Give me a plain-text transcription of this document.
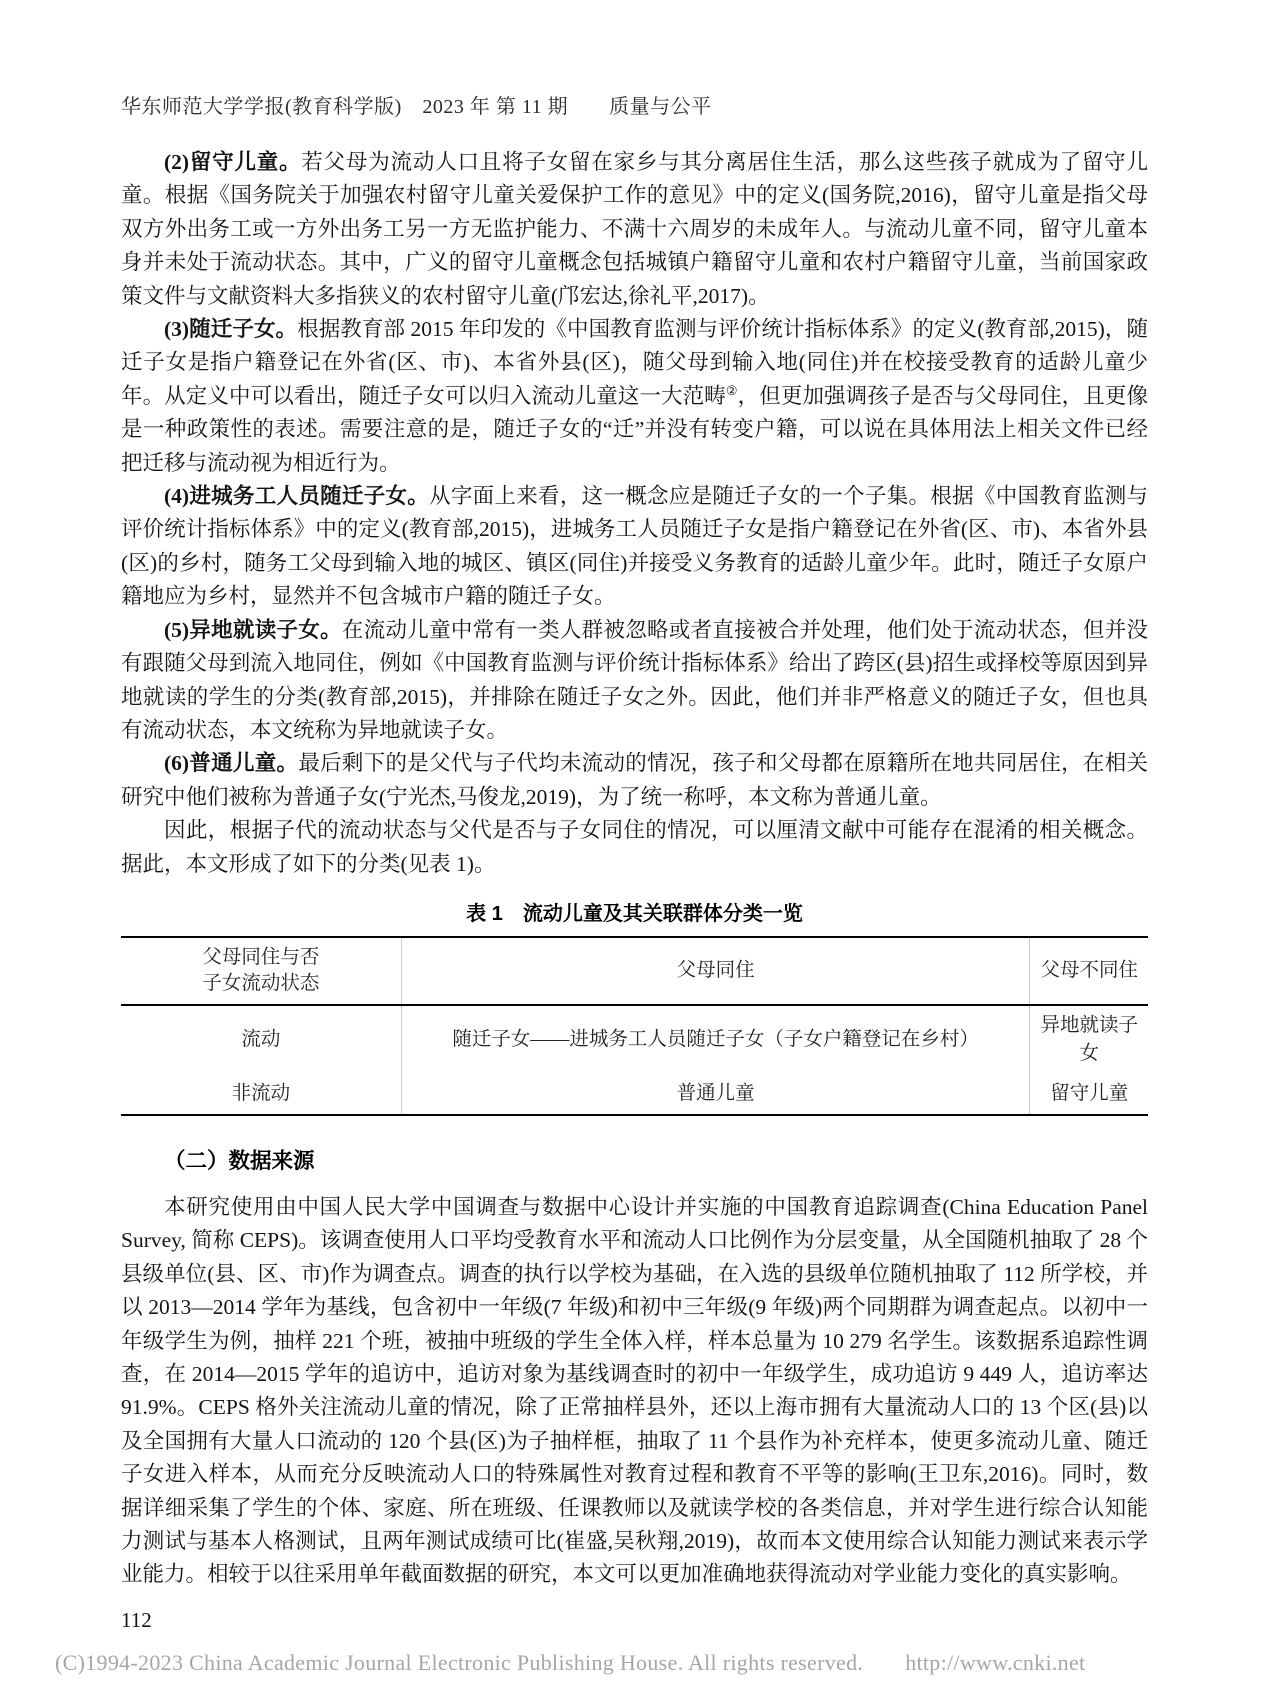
华东师范大学学报(教育科学版)　2023 年 第 11 期　　质量与公平

(2)留守儿童。若父母为流动人口且将子女留在家乡与其分离居住生活，那么这些孩子就成为了留守儿童。根据《国务院关于加强农村留守儿童关爱保护工作的意见》中的定义(国务院,2016)，留守儿童是指父母双方外出务工或一方外出务工另一方无监护能力、不满十六周岁的未成年人。与流动儿童不同，留守儿童本身并未处于流动状态。其中，广义的留守儿童概念包括城镇户籍留守儿童和农村户籍留守儿童，当前国家政策文件与文献资料大多指狭义的农村留守儿童(邝宏达,徐礼平,2017)。

(3)随迁子女。根据教育部 2015 年印发的《中国教育监测与评价统计指标体系》的定义(教育部,2015)，随迁子女是指户籍登记在外省(区、市)、本省外县(区)，随父母到输入地(同住)并在校接受教育的适龄儿童少年。从定义中可以看出，随迁子女可以归入流动儿童这一大范畴②，但更加强调孩子是否与父母同住，且更像是一种政策性的表述。需要注意的是，随迁子女的“迁”并没有转变户籍，可以说在具体用法上相关文件已经把迁移与流动视为相近行为。

(4)进城务工人员随迁子女。从字面上来看，这一概念应是随迁子女的一个子集。根据《中国教育监测与评价统计指标体系》中的定义(教育部,2015)，进城务工人员随迁子女是指户籍登记在外省(区、市)、本省外县(区)的乡村，随务工父母到输入地的城区、镇区(同住)并接受义务教育的适龄儿童少年。此时，随迁子女原户籍地应为乡村，显然并不包含城市户籍的随迁子女。

(5)异地就读子女。在流动儿童中常有一类人群被忽略或者直接被合并处理，他们处于流动状态，但并没有跟随父母到流入地同住，例如《中国教育监测与评价统计指标体系》给出了跨区(县)招生或择校等原因到异地就读的学生的分类(教育部,2015)，并排除在随迁子女之外。因此，他们并非严格意义的随迁子女，但也具有流动状态，本文统称为异地就读子女。

(6)普通儿童。最后剩下的是父代与子代均未流动的情况，孩子和父母都在原籍所在地共同居住，在相关研究中他们被称为普通子女(宁光杰,马俊龙,2019)，为了统一称呼，本文称为普通儿童。

因此，根据子代的流动状态与父代是否与子女同住的情况，可以厘清文献中可能存在混淆的相关概念。据此，本文形成了如下的分类(见表 1)。

表 1　流动儿童及其关联群体分类一览
父母同住与否
子女流动状态	父母同住	父母不同住
流动	随迁子女——进城务工人员随迁子女（子女户籍登记在乡村）	异地就读子女
非流动	普通儿童	留守儿童
（二）数据来源

本研究使用由中国人民大学中国调查与数据中心设计并实施的中国教育追踪调查(China Education Panel Survey, 简称 CEPS)。该调查使用人口平均受教育水平和流动人口比例作为分层变量，从全国随机抽取了 28 个县级单位(县、区、市)作为调查点。调查的执行以学校为基础，在入选的县级单位随机抽取了 112 所学校，并以 2013—2014 学年为基线，包含初中一年级(7 年级)和初中三年级(9 年级)两个同期群为调查起点。以初中一年级学生为例，抽样 221 个班，被抽中班级的学生全体入样，样本总量为 10 279 名学生。该数据系追踪性调查，在 2014—2015 学年的追访中，追访对象为基线调查时的初中一年级学生，成功追访 9 449 人，追访率达 91.9%。CEPS 格外关注流动儿童的情况，除了正常抽样县外，还以上海市拥有大量流动人口的 13 个区(县)以及全国拥有大量人口流动的 120 个县(区)为子抽样框，抽取了 11 个县作为补充样本，使更多流动儿童、随迁子女进入样本，从而充分反映流动人口的特殊属性对教育过程和教育不平等的影响(王卫东,2016)。同时，数据详细采集了学生的个体、家庭、所在班级、任课教师以及就读学校的各类信息，并对学生进行综合认知能力测试与基本人格测试，且两年测试成绩可比(崔盛,吴秋翔,2019)，故而本文使用综合认知能力测试来表示学业能力。相较于以往采用单年截面数据的研究，本文可以更加准确地获得流动对学业能力变化的真实影响。

112
(C)1994-2023 China Academic Journal Electronic Publishing House. All rights reserved. http://www.cnki.net
